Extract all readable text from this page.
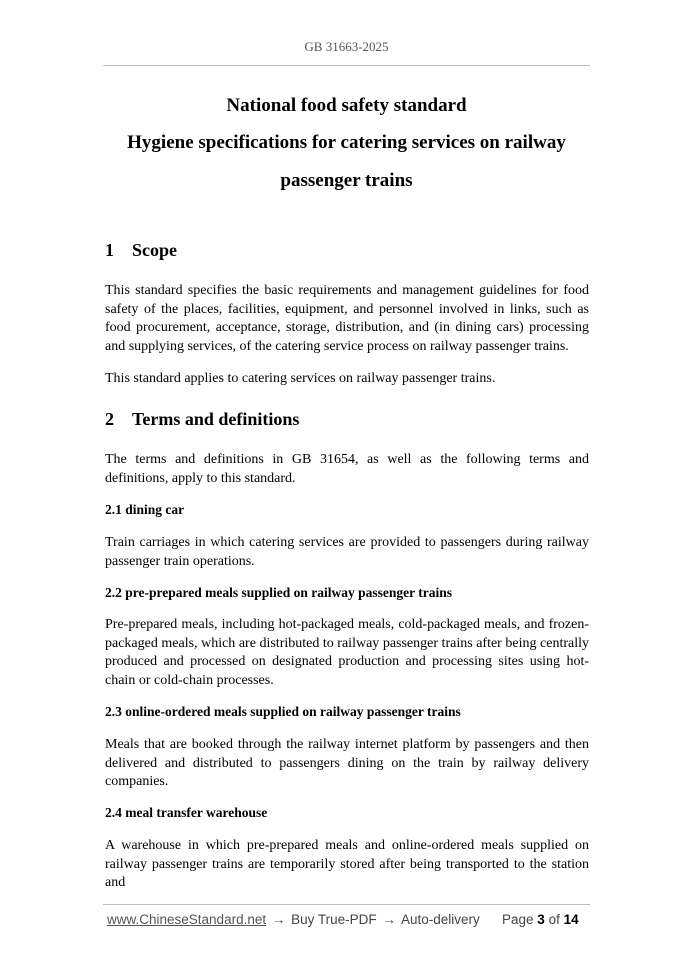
GB 31663-2025
National food safety standard
Hygiene specifications for catering services on railway
passenger trains
1 Scope

This standard specifies the basic requirements and management guidelines for food safety of the places, facilities, equipment, and personnel involved in links, such as food procurement, acceptance, storage, distribution, and (in dining cars) processing and supplying services, of the catering service process on railway passenger trains.

This standard applies to catering services on railway passenger trains.

2 Terms and definitions

The terms and definitions in GB 31654, as well as the following terms and definitions, apply to this standard.

2.1 dining car

Train carriages in which catering services are provided to passengers during railway passenger train operations.

2.2 pre-prepared meals supplied on railway passenger trains

Pre-prepared meals, including hot-packaged meals, cold-packaged meals, and frozen-packaged meals, which are distributed to railway passenger trains after being centrally produced and processed on designated production and processing sites using hot-chain or cold-chain processes.

2.3 online-ordered meals supplied on railway passenger trains

Meals that are booked through the railway internet platform by passengers and then delivered and distributed to passengers dining on the train by railway delivery companies.

2.4 meal transfer warehouse

A warehouse in which pre-prepared meals and online-ordered meals supplied on railway passenger trains are temporarily stored after being transported to the station and

www.ChineseStandard.net → Buy True-PDF → Auto-delivery Page 3 of 14
